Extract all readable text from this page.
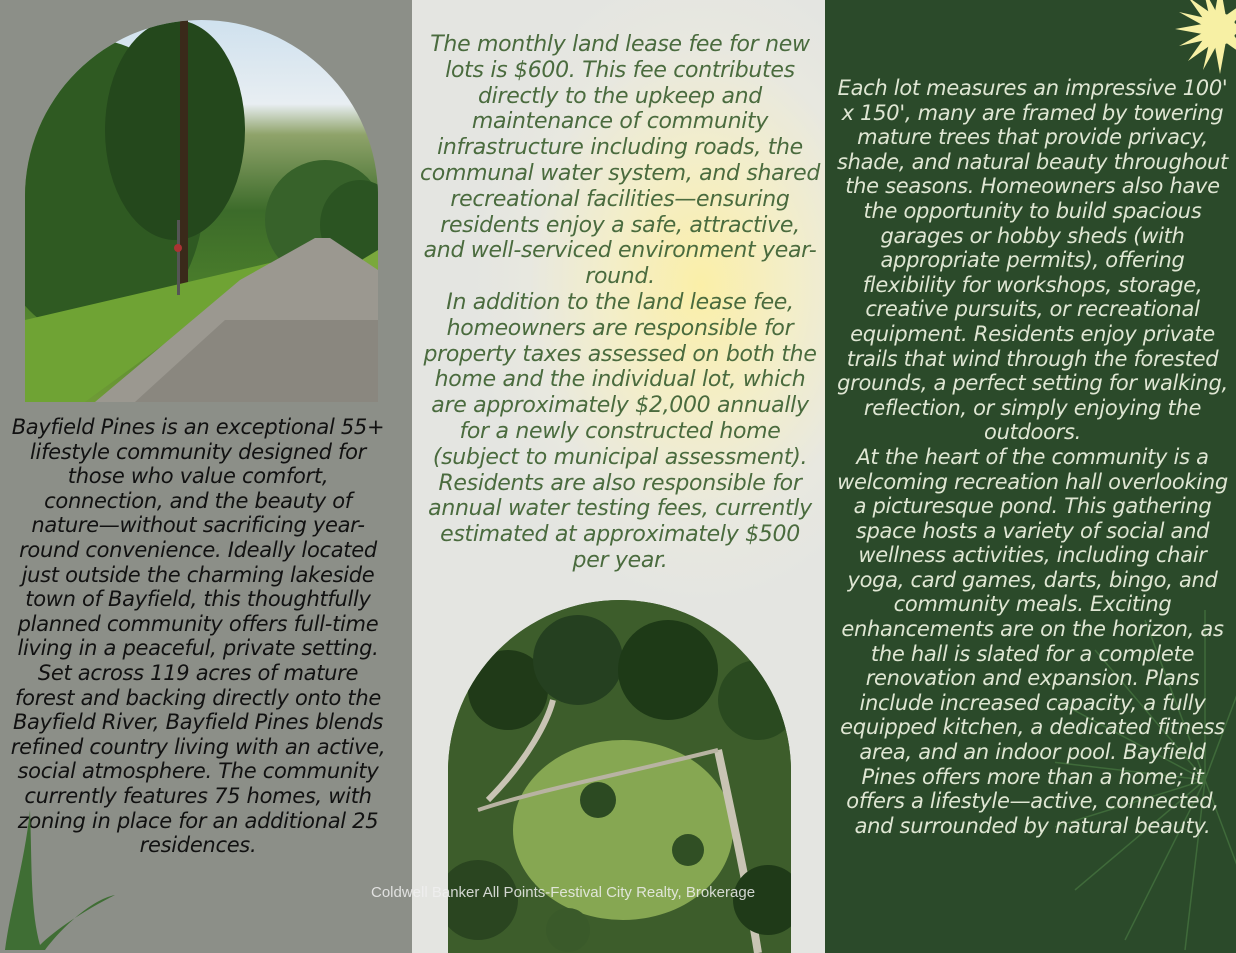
Bayfield Pines is an exceptional 55+ lifestyle community designed for those who value comfort, connection, and the beauty of nature—without sacrificing year-round convenience. Ideally located just outside the charming lakeside town of Bayfield, this thoughtfully planned community offers full-time living in a peaceful, private setting.

Set across 119 acres of mature forest and backing directly onto the Bayfield River, Bayfield Pines blends refined country living with an active, social atmosphere. The community currently features 75 homes, with zoning in place for an additional 25 residences.

The monthly land lease fee for new lots is $600. This fee contributes directly to the upkeep and maintenance of community infrastructure including roads, the communal water system, and shared recreational facilities—ensuring residents enjoy a safe, attractive, and well-serviced environment year-round.

In addition to the land lease fee, homeowners are responsible for property taxes assessed on both the home and the individual lot, which are approximately $2,000 annually for a newly constructed home (subject to municipal assessment). Residents are also responsible for annual water testing fees, currently estimated at approximately $500 per year.

Each lot measures an impressive 100' x 150', many are framed by towering mature trees that provide privacy, shade, and natural beauty throughout the seasons. Homeowners also have the opportunity to build spacious garages or hobby sheds (with appropriate permits), offering flexibility for workshops, storage, creative pursuits, or recreational equipment. Residents enjoy private trails that wind through the forested grounds, a perfect setting for walking, reflection, or simply enjoying the outdoors.

At the heart of the community is a welcoming recreation hall overlooking a picturesque pond. This gathering space hosts a variety of social and wellness activities, including chair yoga, card games, darts, bingo, and community meals. Exciting enhancements are on the horizon, as the hall is slated for a complete renovation and expansion. Plans include increased capacity, a fully equipped kitchen, a dedicated fitness area, and an indoor pool. Bayfield Pines offers more than a home; it offers a lifestyle—active, connected, and surrounded by natural beauty.

Coldwell Banker All Points-Festival City Realty, Brokerage
